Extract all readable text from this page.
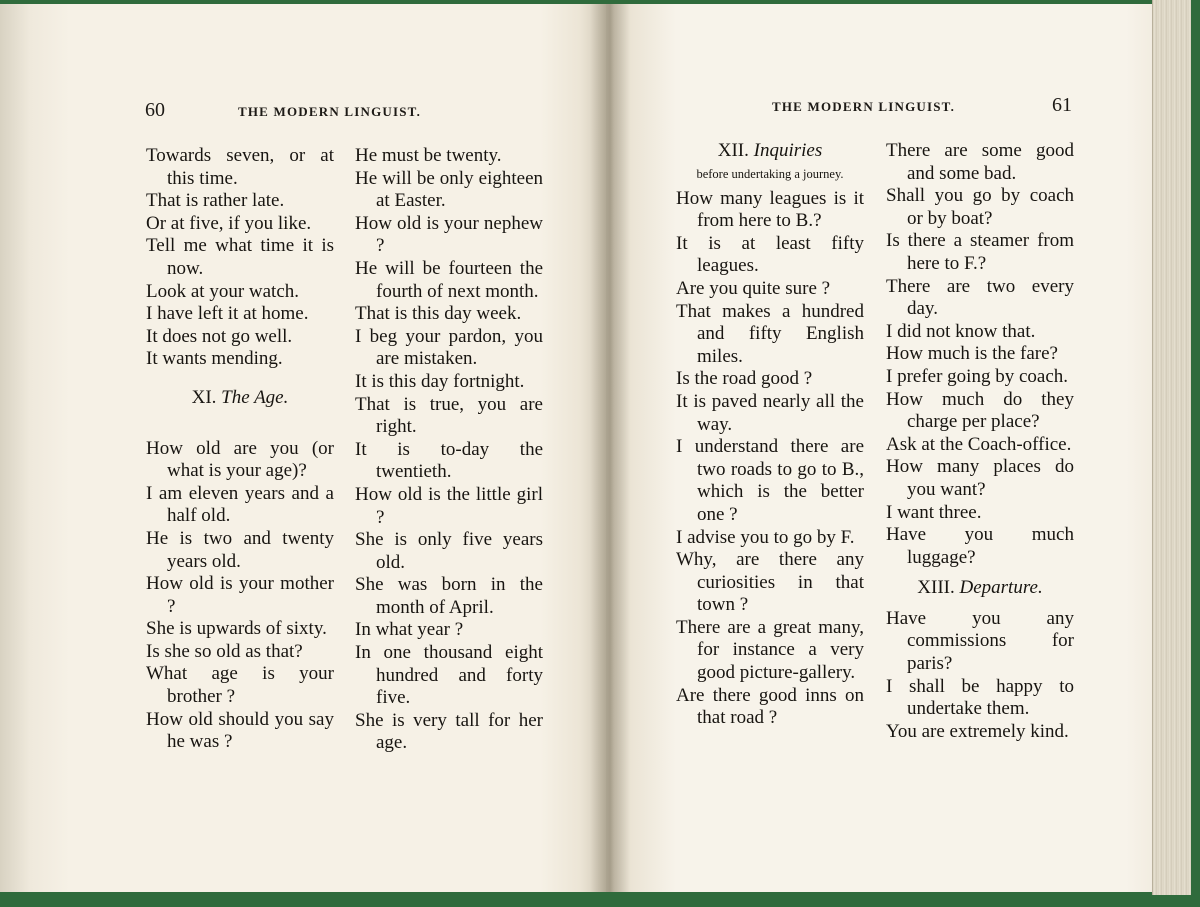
60	THE MODERN LINGUIST.

Towards seven, or at this time.

That is rather late.

Or at five, if you like.

Tell me what time it is now.

Look at your watch.

I have left it at home.

It does not go well.

It wants mending.

XI. The Age.

How old are you (or what is your age)?

I am eleven years and a half old.

He is two and twenty years old.

How old is your mother ?

She is upwards of sixty.

Is she so old as that?

What age is your brother ?

How old should you say he was ?

He must be twenty.

He will be only eighteen at Easter.

How old is your nephew ?

He will be fourteen the fourth of next month.

That is this day week.

I beg your pardon, you are mistaken.

It is this day fortnight.

That is true, you are right.

It is to-day the twentieth.

How old is the little girl ?

She is only five years old.

She was born in the month of April.

In what year ?

In one thousand eight hundred and forty five.

She is very tall for her age.

THE MODERN LINGUIST.	61

XII. Inquiries

before undertaking a journey.

How many leagues is it from here to B.?

It is at least fifty leagues.

Are you quite sure ?

That makes a hundred and fifty English miles.

Is the road good ?

It is paved nearly all the way.

I understand there are two roads to go to B., which is the better one ?

I advise you to go by F.

Why, are there any curiosities in that town ?

There are a great many, for instance a very good picture-gallery.

Are there good inns on that road ?

There are some good and some bad.

Shall you go by coach or by boat?

Is there a steamer from here to F.?

There are two every day.

I did not know that.

How much is the fare?

I prefer going by coach.

How much do they charge per place?

Ask at the Coach-office.

How many places do you want?

I want three.

Have you much luggage?

XIII. Departure.

Have you any commissions for paris?

I shall be happy to undertake them.

You are extremely kind.
